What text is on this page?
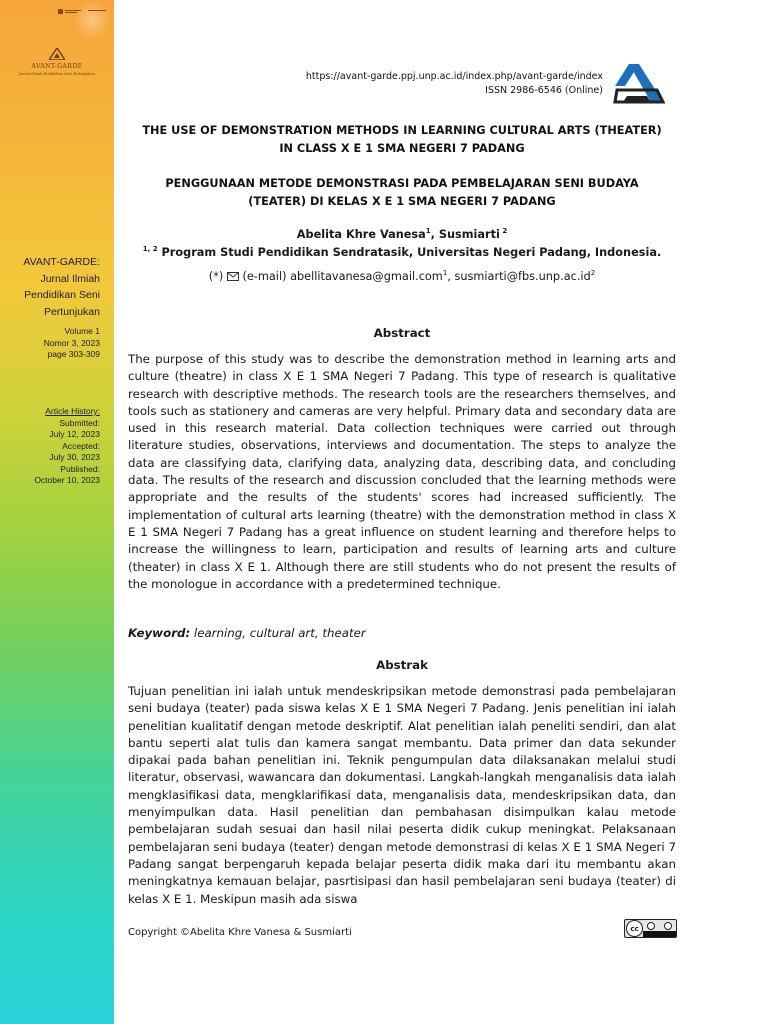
AVANT-GARDE
Jurnal Ilmiah Pendidikan Seni Pertunjukan
AVANT-GARDE:
Jurnal Ilmiah
Pendidikan Seni
Pertunjukan
Volume 1
Nomor 3, 2023
page 303-309
Article History:
Submitted:
July 12, 2023
Accepted:
July 30, 2023
Published:
October 10, 2023
https://avant-garde.ppj.unp.ac.id/index.php/avant-garde/index
ISSN 2986-6546 (Online)
THE USE OF DEMONSTRATION METHODS IN LEARNING CULTURAL ARTS (THEATER)
IN CLASS X E 1 SMA NEGERI 7 PADANG
PENGGUNAAN METODE DEMONSTRASI PADA PEMBELAJARAN SENI BUDAYA
(TEATER) DI KELAS X E 1 SMA NEGERI 7 PADANG
Abelita Khre Vanesa$^1$, Susmiarti $^2$
$^{1, 2}$ Program Studi Pendidikan Sendratasik, Universitas Negeri Padang, Indonesia.
(*)  (e-mail) abellitavanesa@gmail.com$^1$, $susmiarti@fbs.unp.ac.id^2$
Abstract
The purpose of this study was to describe the demonstration method in learning arts and culture (theatre) in class X E 1 SMA Negeri 7 Padang. This type of research is qualitative research with descriptive methods. The research tools are the researchers themselves, and tools such as stationery and cameras are very helpful. Primary data and secondary data are used in this research material. Data collection techniques were carried out through literature studies, observations, interviews and documentation. The steps to analyze the data are classifying data, clarifying data, analyzing data, describing data, and concluding data. The results of the research and discussion concluded that the learning methods were appropriate and the results of the students' scores had increased sufficiently. The implementation of cultural arts learning (theatre) with the demonstration method in class X E 1 SMA Negeri 7 Padang has a great influence on student learning and therefore helps to increase the willingness to learn, participation and results of learning arts and culture (theater) in class X E 1. Although there are still students who do not present the results of the monologue in accordance with a predetermined technique.
Keyword: learning, cultural art, theater
Abstrak
Tujuan penelitian ini ialah untuk mendeskripsikan metode demonstrasi pada pembelajaran seni budaya (teater) pada siswa kelas X E 1 SMA Negeri 7 Padang. Jenis penelitian ini ialah penelitian kualitatif dengan metode deskriptif. Alat penelitian ialah peneliti sendiri, dan alat bantu seperti alat tulis dan kamera sangat membantu. Data primer dan data sekunder dipakai pada bahan penelitian ini. Teknik pengumpulan data dilaksanakan melalui studi literatur, observasi, wawancara dan dokumentasi. Langkah-langkah menganalisis data ialah mengklasifikasi data, mengklarifikasi data, menganalisis data, mendeskripsikan data, dan menyimpulkan data. Hasil penelitian dan pembahasan disimpulkan kalau metode pembelajaran sudah sesuai dan hasil nilai peserta didik cukup meningkat. Pelaksanaan pembelajaran seni budaya (teater) dengan metode demonstrasi di kelas X E 1 SMA Negeri 7 Padang sangat berpengaruh kepada belajar peserta didik maka dari itu membantu akan meningkatnya kemauan belajar, pasrtisipasi dan hasil pembelajaran seni budaya (teater) di kelas X E 1. Meskipun masih ada siswa
Copyright ©Abelita Khre Vanesa & Susmiarti	cc
